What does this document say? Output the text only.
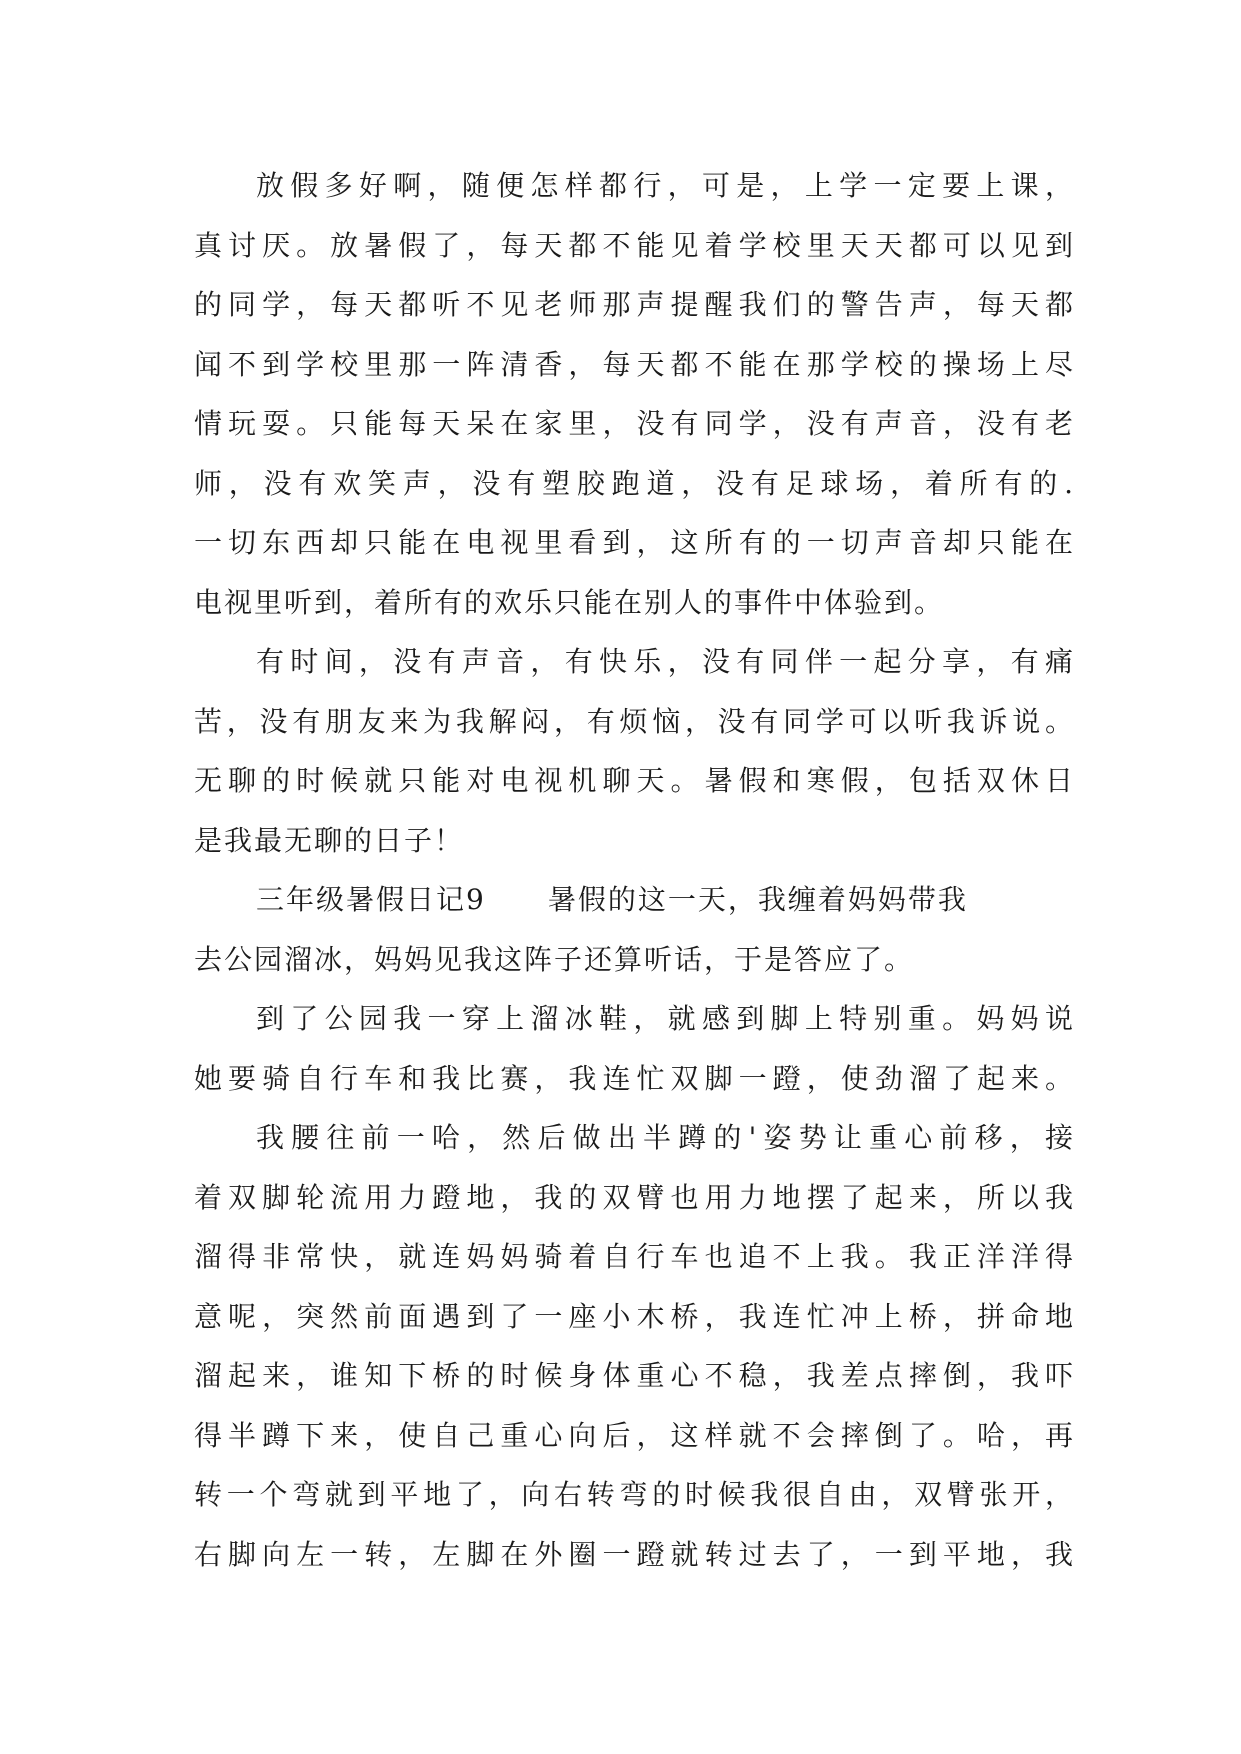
放假多好啊，随便怎样都行，可是，上学一定要上课，
真讨厌。放暑假了，每天都不能见着学校里天天都可以见到
的同学，每天都听不见老师那声提醒我们的警告声，每天都
闻不到学校里那一阵清香，每天都不能在那学校的操场上尽
情玩耍。只能每天呆在家里，没有同学，没有声音，没有老
师，没有欢笑声，没有塑胶跑道，没有足球场，着所有的.
一切东西却只能在电视里看到，这所有的一切声音却只能在
电视里听到，着所有的欢乐只能在别人的事件中体验到。
有时间，没有声音，有快乐，没有同伴一起分享，有痛
苦，没有朋友来为我解闷，有烦恼，没有同学可以听我诉说。
无聊的时候就只能对电视机聊天。暑假和寒假，包括双休日
是我最无聊的日子！
三年级暑假日记9 暑假的这一天，我缠着妈妈带我
去公园溜冰，妈妈见我这阵子还算听话，于是答应了。
到了公园我一穿上溜冰鞋，就感到脚上特别重。妈妈说
她要骑自行车和我比赛，我连忙双脚一蹬，使劲溜了起来。
我腰往前一哈，然后做出半蹲的'姿势让重心前移，接
着双脚轮流用力蹬地，我的双臂也用力地摆了起来，所以我
溜得非常快，就连妈妈骑着自行车也追不上我。我正洋洋得
意呢，突然前面遇到了一座小木桥，我连忙冲上桥，拼命地
溜起来，谁知下桥的时候身体重心不稳，我差点摔倒，我吓
得半蹲下来，使自己重心向后，这样就不会摔倒了。哈，再
转一个弯就到平地了，向右转弯的时候我很自由，双臂张开，
右脚向左一转，左脚在外圈一蹬就转过去了，一到平地，我
